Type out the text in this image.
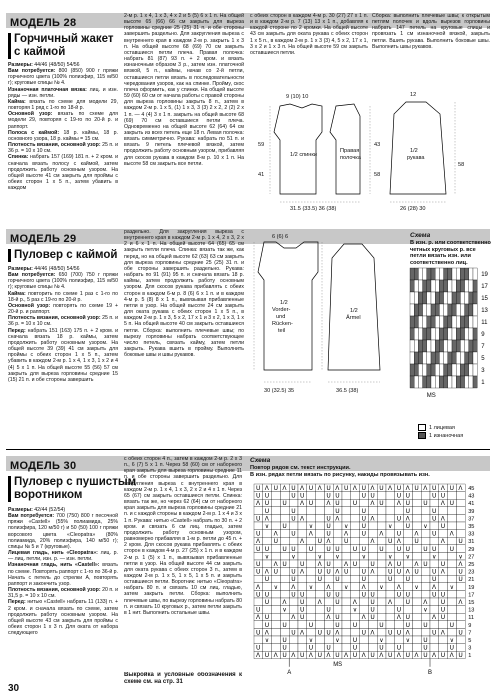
МОДЕЛЬ 28
Горчичный жакет
с каймой

Размеры: 44/46 (48/50) 54/56

Вам потребуется: 800 (850) 900 г пряжи горчичного цвета (100% полиэфир, 115 м/50 г); круговые спицы № 4.

Изнаночная платочная вязка: лиц. и изн. ряды — изн. петли.

Кайма: вязать по схеме для модели 29, повторяя 1 ряд с 1-го по 18-й р.

Основной узор: вязать по схеме для модели 29, повторяя с 19-го по 20-й р. и раппорт.

Полоса с каймой: 18 р. каймы, 18 р. основного узора, 18 р. каймы = 15 см.

Плотность вязания, основной узор: 25 п. и 36 р. = 10 х 10 см.

Спинка: набрать 157 (169) 181 п. + 2 кром. и сначала вязать полосу с каймой, затем продолжить работу основным узором. На общей высоте 41 см закрыть для проймы с обеих сторон 1 х 5 п., затем убавить в каждом

2-м р. 1 х 4, 1 х 3, 4 х 2 и 5 (5) 6 х 1 п. На общей высоте 65 (66) 66 см закрыть для выреза горловины средние 25 (25) 31 п. и обе стороны завершить раздельно. Для закругления выреза с внутреннего края в каждом 2-м р. закрыть 1 х 3 п. На общей высоте 68 (69) 70 см закрыть оставшиеся петли плеча. Правая полочка: набрать 81 (87) 93 п. + 2 кром. и вязать изнаночным образом 3 р., затем изн. платочной вязкой, 5 п., каймы, начав со 2-й петли, оставшиеся петли вязать в последовательности чередования узоров, как на спинке. Пройму, скос плеча оформить, как у спинки. На общей высоте 59 (60) 60 см от начала работы с правой стороны для выреза горловины закрыть 8 п., затем в каждом 2-м р. 1 х 5, (1) 1 х 3, 3 (3) 2 х 2, 2 (2) 2 х 1 п. — 4 (4) 3 х 1 п. закрыть на общей высоте 68 (69) 70 см оставшиеся петли плеча. Одновременно на общей высоте 62 (64) 64 см закрыть из всех петель еще 18 п. Левая полочка: вязать симметрично. Рукава: набрать по 51 п. и вязать 9 петель плечевой вязкой, затем продолжить работу основным узором, прибавляя для скосов рукава в каждом 8-м р. 10 х 1 п. На высоте 58 см закрыть все петли.
с обеих сторон в каждом 4-м р. 30 (27) 27 х 1 п. и в каждом 2-м р. 7 (13) 13 х 1 п., добавляя к каждой стороне по 2 кромки. На общей высоте 43 см закрыть для оката рукава с обеих сторон 1 х 5 п., в каждом 2-м р. 1 х 3 (3) 4, 5 х 2, 17 х 1, 3 х 2 и 1 х 3 п. На общей высоте 59 см закрыть оставшиеся петли.
Сборка: выполнить плечевые швы; к открытым петлям полочек и вдоль вырезов горловины набрать 147 петель на круговые спицы и провязать 1 см изнаночной вязкой, закрыть петли. Вшить рукава. Выполнить боковые швы. Выполнить швы рукавов.
1/2 спинки
Правая
полочка
1/2
рукава
59
41
43
58
58
31.5 (33.5) 36 (38)	26 (28) 30
9 (10) 10	12
МОДЕЛЬ 29
Пуловер с каймой

Размеры: 44/46 (48/50) 54/56

Вам потребуется: 650 (700) 750 г пряжи горчичного цвета (100% полиэфир, 115 м/50 г); круговые спицы № 4.

Кайма: повторить по схеме 1 раз с 1-го по 18-й р., 5 раз с 19-го по 20-й р.

Основной узор: повторять по схеме 19 + 20-й р. и раппорт.

Плотность вязания, основной узор: 25 п. и 36 р. = 10 х 10 см.

Перед: набрать 151 (163) 175 п. + 2 кром. и сначала вязать 18 р. каймы, затем продолжить работу основным узором. На общей высоте 39 (39) 41 см закрыть для проймы с обеих сторон 1 х 5 п., затем убавить в каждом 2-м р. 1 х 4, 1 х 3, 1 х 2 и 4 (4) 5 х 1 п. На общей высоте 55 (56) 57 см закрыть для выреза горловины средние 15 (15) 21 п. и обе стороны завершить

раздельно. Для закругления выреза с внутреннего края в каждом 2-м р. 1 х 4, 2 х 3, 2 х 2 и 6 х 1 п. На общей высоте 64 (65) 65 см закрыть петли плеча. Спинка: вязать так же, как перед, но на общей высоте 62 (63) 63 см закрыть для выреза горловины средние 25 (25) 31 п. и обе стороны завершить раздельно. Рукава: набрать по 91 (91) 95 п. и сначала вязать 18 р. каймы, затем продолжить работу основным узором. Для скосов рукава прибавлять с обеих сторон в каждом 6-м р. 8 (6) 6 х 1 п. и в каждом 4-м р. 5 (8) 8 х 1 п., вывязывая прибавленные петли в узор. На общей высоте 24 см закрыть для оката рукава с обеих сторон 1 х 5 п., в каждом 2-м р. 1 х 3, 5 х 2, 17 х 1 и 3 х 2, 1 х 3, 1 х 5 п. На общей высоте 40 см закрыть оставшиеся петли. Сборка: выполнить плечевые швы; по вырезу горловины набрать соответствующее число петель, связать кайму, затем петли закрыть. Рукава вшить в пройму. Выполнить боковые швы и швы рукавов.
1/2
Vorder-
und
Rücken-
teil
1/2
Ärmel
30 (32.5) 35	36.5 (38)
6 (6) 6	Схема
В изн. р. или соответственно четных круговых р. все петли вязать изн. или соответственно лиц.
19
17
15
13
11
9
7
5
3
1
MS
1 лицевая
1 изнаночная
МОДЕЛЬ 30
Пуловер с пушистым
воротником

Размеры: 42/44 (52/54)

Вам потребуется: 700 (750) 800 г песочной пряжи «Castell» (55% полиамида, 25% полиэфира, 120 м/50 г) и 50 (50) 100 г пряжи ворсового цвета «Cleopatra» (80% полиамида, 20% полиэфира, 140 м/50 г); спицы № 5 и 7 (круговые).

Лицевая гладь, нить «Cleopatra»: лиц. р. — лиц. петли, изн. р. — изн. петли.

Изнаночная гладь, нить «Castell»: вязать по схеме. Повторять раппорт с 1-го по 36-й р. Начать с петель до стрелки А, повторять раппорт и закончить узор.

Плотность вязания, основной узор: 20 п. и 31,5 р. = 10 х 10 см.

Перед: нитью «Castell» набрать 11 (133) п. + 2 кром. и сначала вязать по схеме, затем продолжить работу основным узором. На общей высоте 43 см закрыть для проймы с обеих сторон 1 х 3 п. Для оката от набора следующего

с обеих сторон 4 п., затем в каждом 2-м р. 2 х 3 п., 6 (7) 5 х 1 п. Через 58 (60) см от наборного края закрыть для выреза горловины средние 11 п. и обе стороны завершить раздельно. Для закругления выреза с внутреннего края в каждом 2-м р. 1 х 4, 1 х 3, 2 х 2 и 4 х 1 п. Через 65 (67) см закрыть оставшиеся петли. Спинка: вязать так же, но через 62 (64) см от наборного края закрыть для выреза горловины средние 21 п. и с каждой стороны в каждом 2-м р. 1 х 4 и 3 х 1 п. Рукава: нитью «Castell» набрать по 30 п. + 2 кром. и связать 6 см лиц. гладью, затем продолжить работу основным узором, равномерно прибавляя в 1-м р. петли до 45 п. + 2 кром. Для скосов рукава прибавлять с обеих сторон в каждом 4-м р. 27 (25) х 1 п. и в каждом 2-м р. 1 (5) х 1 п., вывязывая прибавленные петли в узор. На общей высоте 44 см закрыть для оката рукава с обеих сторон 3 п., затем в каждом 2-м р. 1 х 5, 1 х 5, 1 х 5 п. и закрыть оставшиеся петли. Воротник: нитью «Cleopatra» набрать 80 п. и связать 10 см лиц. гладью, затем закрыть петли. Сборка: выполнить плечевые швы, по вырезу горловины набрать 80 п. и связать 10 круговых р., затем петли закрыть в 1 нит. Выполнить остальные швы.
Выкройка и условные обозначения к схеме см. на стр. 31
Схема
Повтор рядов см. текст инструкции.
В изн. рядах петли вязать по рисунку, накиды провязывать изн.
U Λ U Λ U Λ U Λ U Λ U Λ U Λ U Λ U Λ U Λ U Λ U Λ 45
U U	U U	U U	U U	U U	U U	43
Λ U U Λ U Λ U U Λ U Λ U U Λ U	41
U	U	U	U	U	U	39
U Λ	U Λ	U Λ	U Λ	U Λ	U Λ	37
∨ U	∨ U ∨ U	∨ U ∨ U	35
U Λ U Λ U Λ U Λ U Λ U Λ	33
Λ U	Λ U Λ U	Λ U Λ U	Λ U 31
U U U U U U U U U U U U U U U	29
∨	∨	∨ ∨	∨	∨ ∨	∨	∨ 27
U Λ U U Λ U Λ U U Λ U Λ U U Λ 25
U Λ U U Λ U U Λ U U Λ U U Λ U U Λ U 23
U	U	U U	U	U U	U	U 21
Λ ∨ Λ ∨ Λ ∨ Λ ∨ Λ ∨ Λ ∨	19
U U	U U	U U	U U	U U	U U	17
U Λ U Λ U Λ U Λ U Λ U Λ 15
U	∨ U	U	∨ U	U	∨ U	13
Λ U	Λ U	Λ U	Λ U	Λ U	Λ U	11
U U	U	U U	U	U U	U	9
U Λ	U Λ U U Λ	U Λ U U Λ	U Λ U 7
∨ U	∨	∨ U	∨	∨ U	∨	5
U	U	U U	U	U U	U	U	3
Λ U Λ U Λ U Λ U Λ U Λ U Λ U Λ U Λ U Λ U Λ U Λ U 1
MS
A	B
30
